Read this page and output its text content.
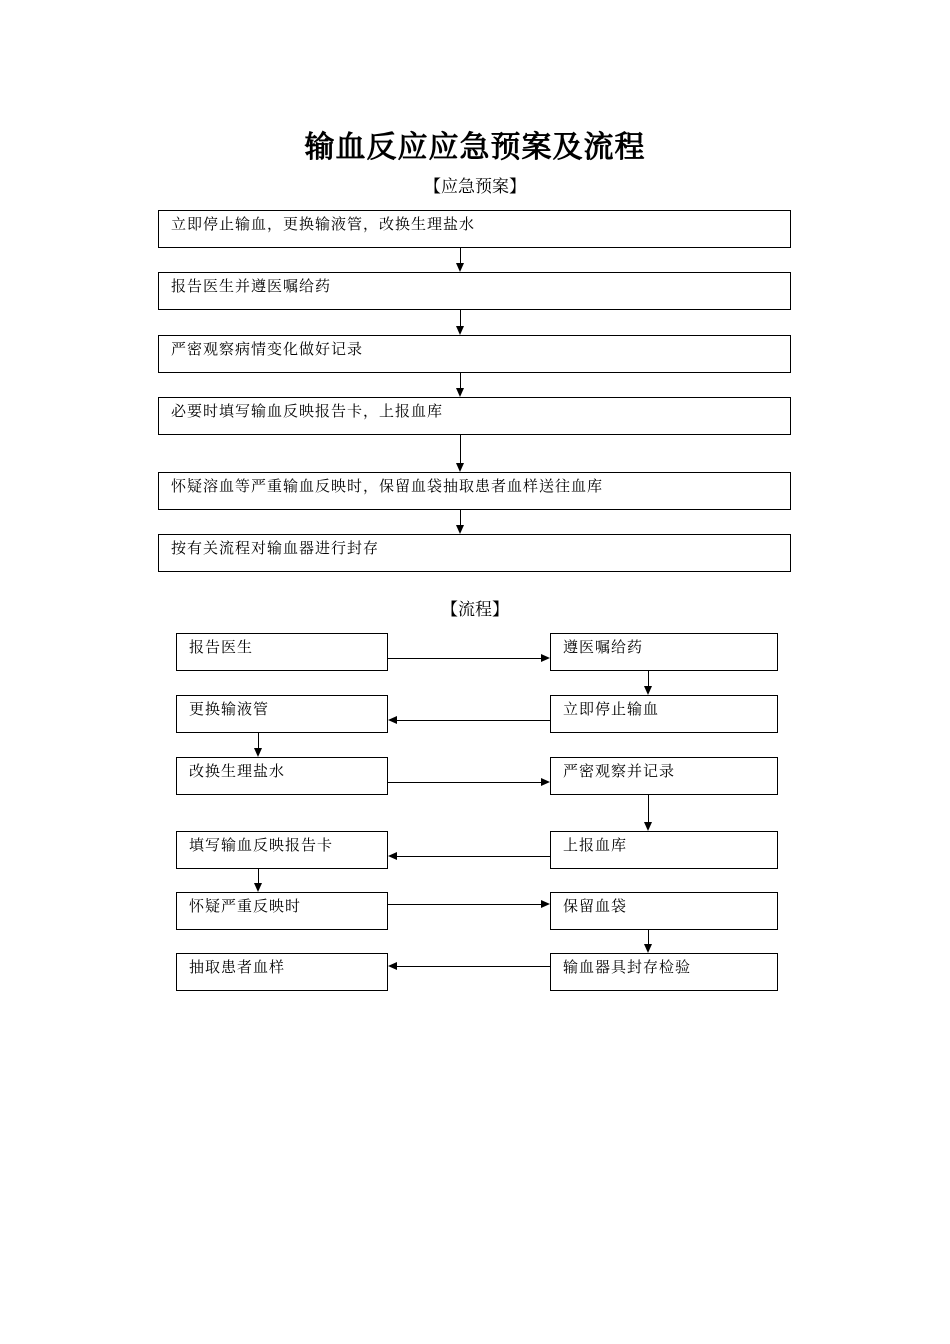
输血反应应急预案及流程
【应急预案】
立即停止输血，更换输液管，改换生理盐水
报告医生并遵医嘱给药
严密观察病情变化做好记录
必要时填写输血反映报告卡，上报血库
怀疑溶血等严重输血反映时，保留血袋抽取患者血样送往血库
按有关流程对输血器进行封存
【流程】
报告医生	遵医嘱给药
更换输液管	立即停止输血
改换生理盐水	严密观察并记录
填写输血反映报告卡	上报血库
怀疑严重反映时	保留血袋
抽取患者血样	输血器具封存检验
